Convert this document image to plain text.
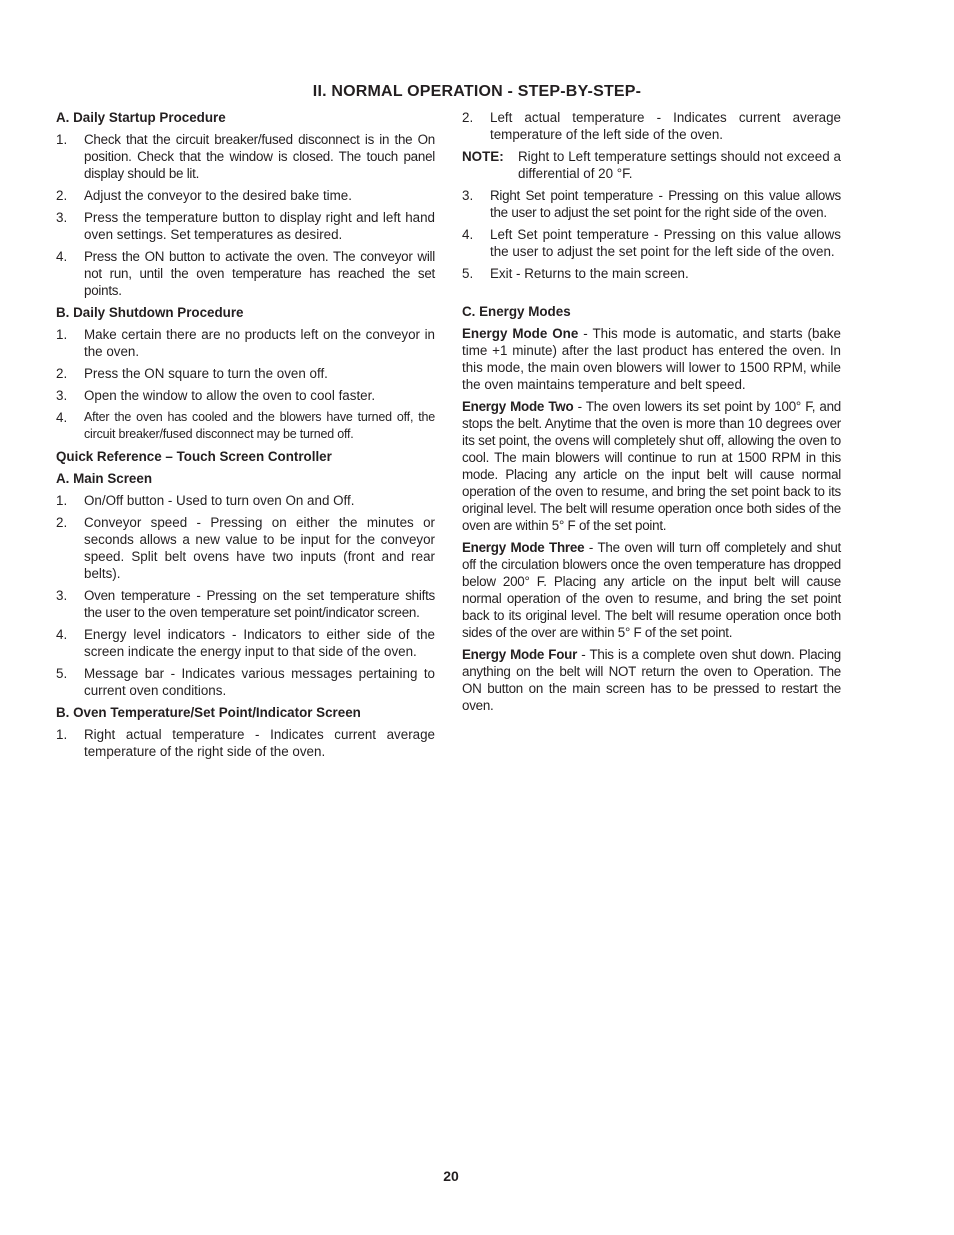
II. NORMAL OPERATION - STEP-BY-STEP-
A. Daily Startup Procedure
1.	Check that the circuit breaker/fused disconnect is in the On position. Check that the window is closed. The touch panel display should be lit.
2.	Adjust the conveyor to the desired bake time.
3.	Press the temperature button to display right and left hand oven settings. Set temperatures as desired.
4.	Press the ON button to activate the oven. The conveyor will not run, until the oven temperature has reached the set points.
B. Daily Shutdown Procedure
1.	Make certain there are no products left on the conveyor in the oven.
2.	Press the ON square to turn the oven off.
3.	Open the window to allow the oven to cool faster.
4.	After the oven has cooled and the blowers have turned off, the circuit breaker/fused disconnect may be turned off.
Quick Reference – Touch Screen Controller
A. Main Screen
1.	On/Off button - Used to turn oven On and Off.
2.	Conveyor speed - Pressing on either the minutes or seconds allows a new value to be input for the conveyor speed. Split belt ovens have two inputs (front and rear belts).
3.	Oven temperature - Pressing on the set temperature shifts the user to the oven temperature set point/indicator screen.
4.	Energy level indicators - Indicators to either side of the screen indicate the energy input to that side of the oven.
5.	Message bar - Indicates various messages pertaining to current oven conditions.
B. Oven Temperature/Set Point/Indicator Screen
1.	Right actual temperature - Indicates current average temperature of the right side of the oven.
2.	Left actual temperature - Indicates current average temperature of the left side of the oven.
NOTE:	Right to Left temperature settings should not exceed a differential of 20 °F.
3.	Right Set point temperature - Pressing on this value allows the user to adjust the set point for the right side of the oven.
4.	Left Set point temperature - Pressing on this value allows the user to adjust the set point for the left side of the oven.
5.	Exit - Returns to the main screen.
C. Energy Modes

Energy Mode One - This mode is automatic, and starts (bake time +1 minute) after the last product has entered the oven. In this mode, the main oven blowers will lower to 1500 RPM, while the oven maintains temperature and belt speed.

Energy Mode Two - The oven lowers its set point by 100° F, and stops the belt. Anytime that the oven is more than 10 degrees over its set point, the ovens will completely shut off, allowing the oven to cool. The main blowers will continue to run at 1500 RPM in this mode. Placing any article on the input belt will cause normal operation of the oven to resume, and bring the set point back to its original level. The belt will resume operation once both sides of the oven are within 5° F of the set point.

Energy Mode Three - The oven will turn off completely and shut off the circulation blowers once the oven temperature has dropped below 200° F. Placing any article on the input belt will cause normal operation of the oven to resume, and bring the set point back to its original level. The belt will resume operation once both sides of the over are within 5° F of the set point.

Energy Mode Four - This is a complete oven shut down. Placing anything on the belt will NOT return the oven to Operation. The ON button on the main screen has to be pressed to restart the oven.

20
